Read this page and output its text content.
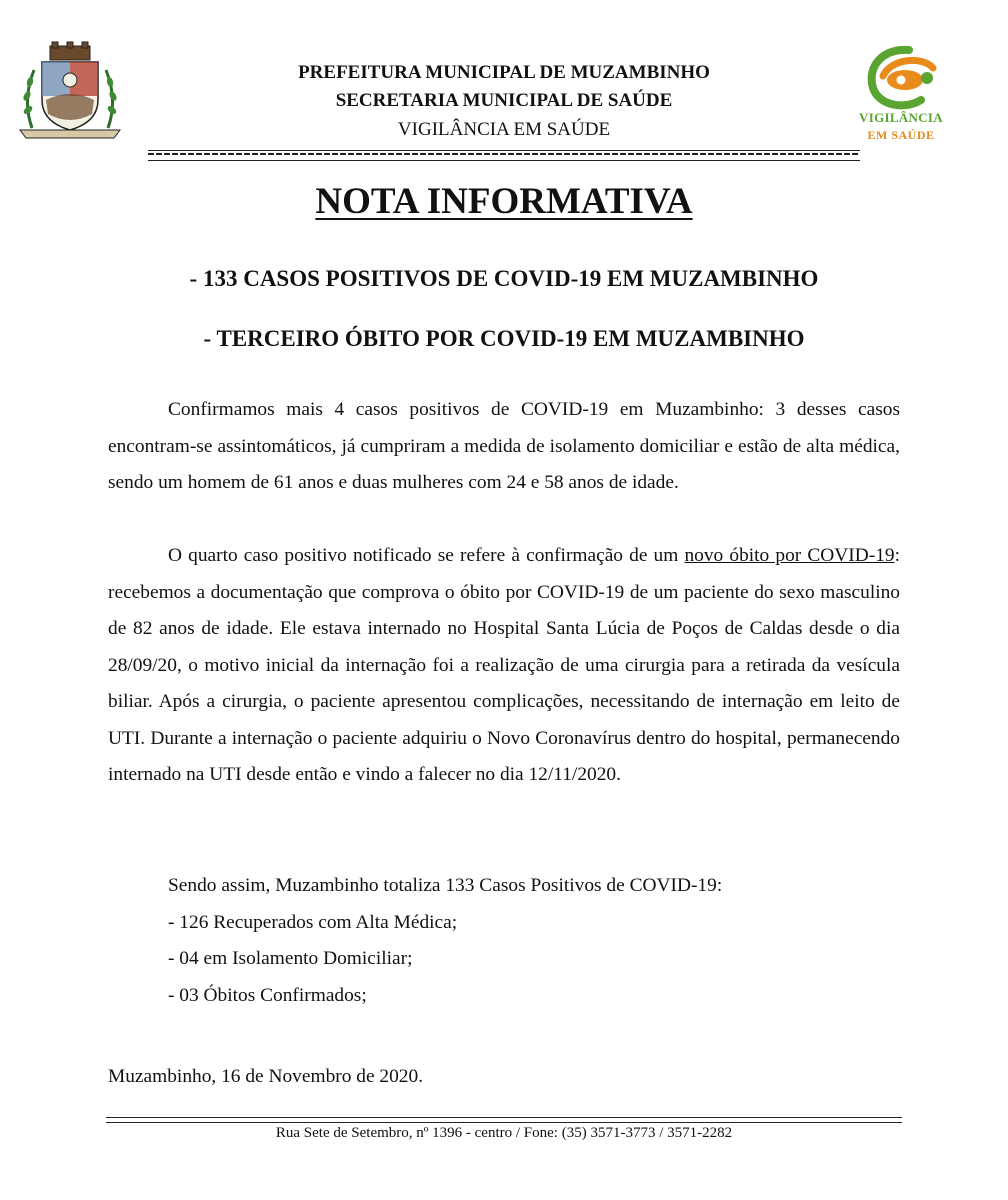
VIGILÂNCIA
EM SAÚDE
PREFEITURA MUNICIPAL DE MUZAMBINHO
SECRETARIA MUNICIPAL DE SAÚDE
VIGILÂNCIA EM SAÚDE
NOTA INFORMATIVA
- 133 CASOS POSITIVOS DE COVID-19 EM MUZAMBINHO
- TERCEIRO ÓBITO POR COVID-19 EM MUZAMBINHO
Confirmamos mais 4 casos positivos de COVID-19 em Muzambinho: 3 desses casos encontram-se assintomáticos, já cumpriram a medida de isolamento domiciliar e estão de alta médica, sendo um homem de 61 anos e duas mulheres com 24 e 58 anos de idade.
O quarto caso positivo notificado se refere à confirmação de um novo óbito por COVID-19: recebemos a documentação que comprova o óbito por COVID-19 de um paciente do sexo masculino de 82 anos de idade. Ele estava internado no Hospital Santa Lúcia de Poços de Caldas desde o dia 28/09/20, o motivo inicial da internação foi a realização de uma cirurgia para a retirada da vesícula biliar. Após a cirurgia, o paciente apresentou complicações, necessitando de internação em leito de UTI. Durante a internação o paciente adquiriu o Novo Coronavírus dentro do hospital, permanecendo internado na UTI desde então e vindo a falecer no dia 12/11/2020.
Sendo assim, Muzambinho totaliza 133 Casos Positivos de COVID-19:
- 126 Recuperados com Alta Médica;
- 04 em Isolamento Domiciliar;
- 03 Óbitos Confirmados;
Muzambinho, 16 de Novembro de 2020.
Rua Sete de Setembro, nº 1396 - centro / Fone: (35) 3571-3773 / 3571-2282
